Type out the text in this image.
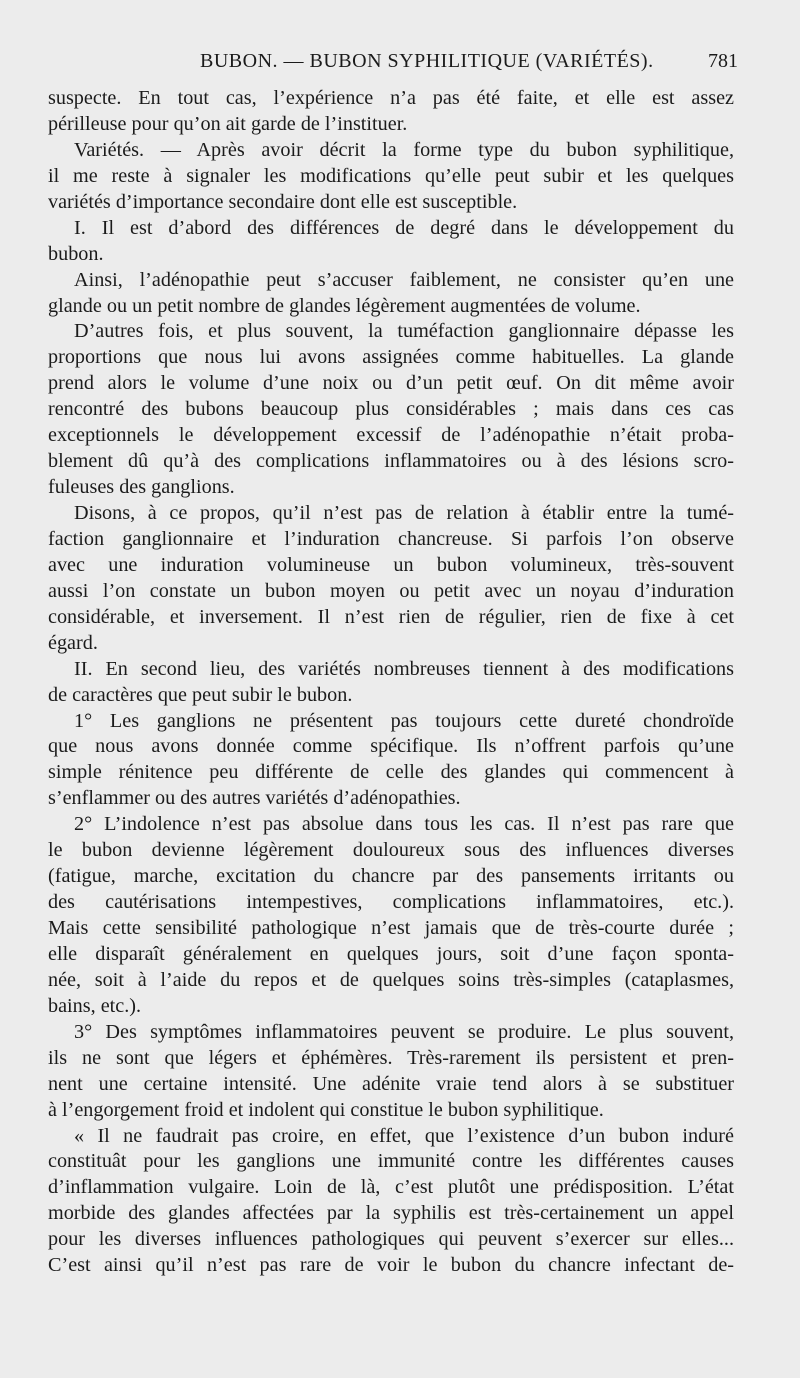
BUBON. — BUBON SYPHILITIQUE (VARIÉTÉS).	781
suspecte. En tout cas, l’expérience n’a pas été faite, et elle est assez
périlleuse pour qu’on ait garde de l’instituer.
Variétés. — Après avoir décrit la forme type du bubon syphilitique,
il me reste à signaler les modifications qu’elle peut subir et les quelques
variétés d’importance secondaire dont elle est susceptible.
I. Il est d’abord des différences de degré dans le développement du
bubon.
Ainsi, l’adénopathie peut s’accuser faiblement, ne consister qu’en une
glande ou un petit nombre de glandes légèrement augmentées de volume.
D’autres fois, et plus souvent, la tuméfaction ganglionnaire dépasse les
proportions que nous lui avons assignées comme habituelles. La glande
prend alors le volume d’une noix ou d’un petit œuf. On dit même avoir
rencontré des bubons beaucoup plus considérables ; mais dans ces cas
exceptionnels le développement excessif de l’adénopathie n’était proba-
blement dû qu’à des complications inflammatoires ou à des lésions scro-
fuleuses des ganglions.
Disons, à ce propos, qu’il n’est pas de relation à établir entre la tumé-
faction ganglionnaire et l’induration chancreuse. Si parfois l’on observe
avec une induration volumineuse un bubon volumineux, très-souvent
aussi l’on constate un bubon moyen ou petit avec un noyau d’induration
considérable, et inversement. Il n’est rien de régulier, rien de fixe à cet
égard.
II. En second lieu, des variétés nombreuses tiennent à des modifications
de caractères que peut subir le bubon.
1° Les ganglions ne présentent pas toujours cette dureté chondroïde
que nous avons donnée comme spécifique. Ils n’offrent parfois qu’une
simple rénitence peu différente de celle des glandes qui commencent à
s’enflammer ou des autres variétés d’adénopathies.
2° L’indolence n’est pas absolue dans tous les cas. Il n’est pas rare que
le bubon devienne légèrement douloureux sous des influences diverses
(fatigue, marche, excitation du chancre par des pansements irritants ou
des cautérisations intempestives, complications inflammatoires, etc.).
Mais cette sensibilité pathologique n’est jamais que de très-courte durée ;
elle disparaît généralement en quelques jours, soit d’une façon sponta-
née, soit à l’aide du repos et de quelques soins très-simples (cataplasmes,
bains, etc.).
3° Des symptômes inflammatoires peuvent se produire. Le plus souvent,
ils ne sont que légers et éphémères. Très-rarement ils persistent et pren-
nent une certaine intensité. Une adénite vraie tend alors à se substituer
à l’engorgement froid et indolent qui constitue le bubon syphilitique.
« Il ne faudrait pas croire, en effet, que l’existence d’un bubon induré
constituât pour les ganglions une immunité contre les différentes causes
d’inflammation vulgaire. Loin de là, c’est plutôt une prédisposition. L’état
morbide des glandes affectées par la syphilis est très-certainement un appel
pour les diverses influences pathologiques qui peuvent s’exercer sur elles...
C’est ainsi qu’il n’est pas rare de voir le bubon du chancre infectant de-
